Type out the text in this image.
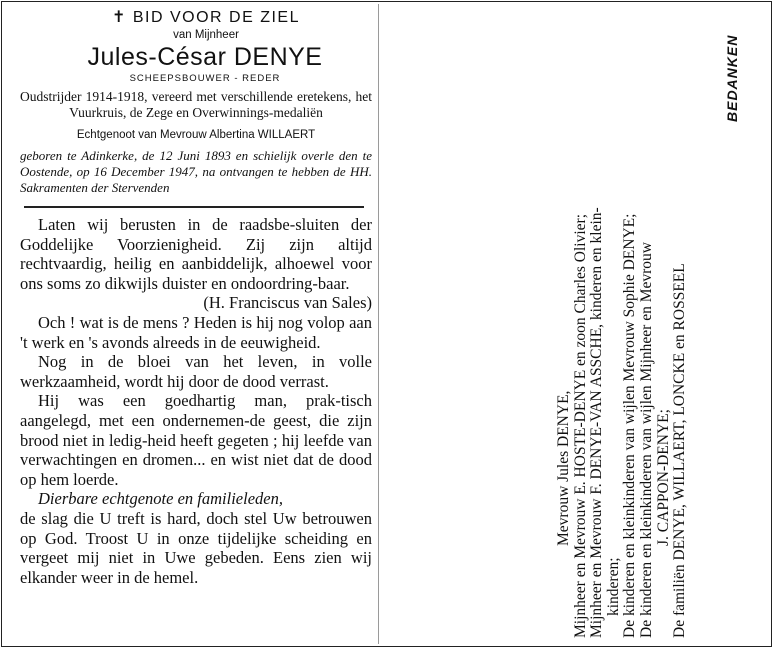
✝ BID VOOR DE ZIEL
van Mijnheer
Jules-César DENYE
SCHEEPSBOUWER - REDER
Oudstrijder 1914-1918, vereerd met verschillende eretekens, het Vuurkruis, de Zege en Overwinnings-medaliën
Echtgenoot van Mevrouw Albertina WILLAERT
geboren te Adinkerke, de 12 Juni 1893 en schielijk overle den te Oostende, op 16 December 1947, na ontvangen te hebben de HH. Sakramenten der Stervenden

Laten wij berusten in de raadsbe-sluiten der Goddelijke Voorzienigheid. Zij zijn altijd rechtvaardig, heilig en aanbiddelijk, alhoewel voor ons soms zo dikwijls duister en ondoordring-baar.

(H. Franciscus van Sales)

Och ! wat is de mens ? Heden is hij nog volop aan 't werk en 's avonds alreeds in de eeuwigheid.

Nog in de bloei van het leven, in volle werkzaamheid, wordt hij door de dood verrast.

Hij was een goedhartig man, prak-tisch aangelegd, met een ondernemen-de geest, die zijn brood niet in ledig-heid heeft gegeten ; hij leefde van verwachtingen en dromen... en wist niet dat de dood op hem loerde.

Dierbare echtgenote en familieleden,

de slag die U treft is hard, doch stel Uw betrouwen op God. Troost U in onze tijdelijke scheiding en vergeet mij niet in Uwe gebeden. Eens zien wij elkander weer in de hemel.

Mevrouw Jules DENYE, Mijnheer en Mevrouw E. HOSTE-DENYE en zoon Charles Olivier; Mijnheer en Mevrouw F. DENYE-VAN ASSCHE, kinderen en klein- kinderen; De kinderen en kleinkinderen van wijlen Mevrouw Sophie DENYE; De kinderen en kleinkinderen van wijlen Mijnheer en Mevrouw J. CAPPON-DENYE; De familiën DENYE, WILLAERT, LONCKE en ROSSEEL
BEDANKEN
